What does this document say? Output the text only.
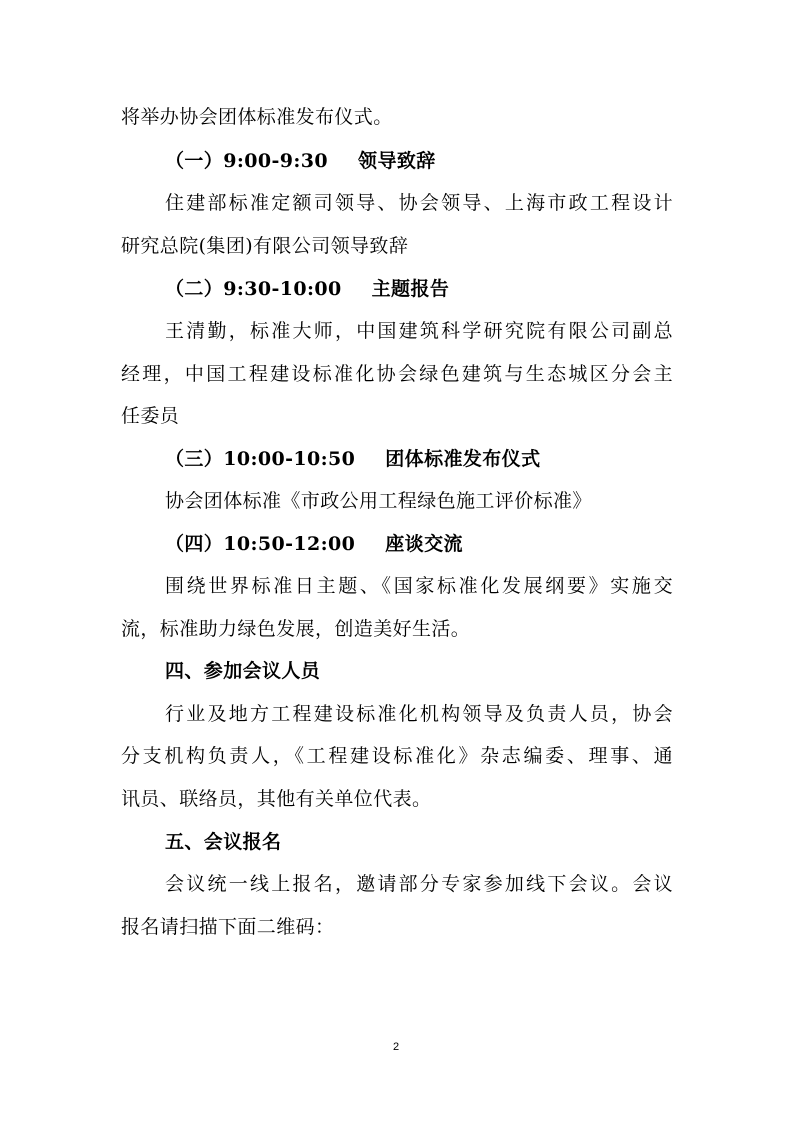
将举办协会团体标准发布仪式。
（一）9:00-9:30 领导致辞
住建部标准定额司领导、协会领导、上海市政工程设计
研究总院(集团)有限公司领导致辞
（二）9:30-10:00 主题报告
王清勤，标准大师，中国建筑科学研究院有限公司副总
经理，中国工程建设标准化协会绿色建筑与生态城区分会主
任委员
（三）10:00-10:50 团体标准发布仪式
协会团体标准《市政公用工程绿色施工评价标准》
（四）10:50-12:00 座谈交流
围绕世界标准日主题、《国家标准化发展纲要》实施交
流，标准助力绿色发展，创造美好生活。
四、参加会议人员
行业及地方工程建设标准化机构领导及负责人员，协会
分支机构负责人，《工程建设标准化》杂志编委、理事、通
讯员、联络员，其他有关单位代表。
五、会议报名
会议统一线上报名，邀请部分专家参加线下会议。会议
报名请扫描下面二维码：
2
